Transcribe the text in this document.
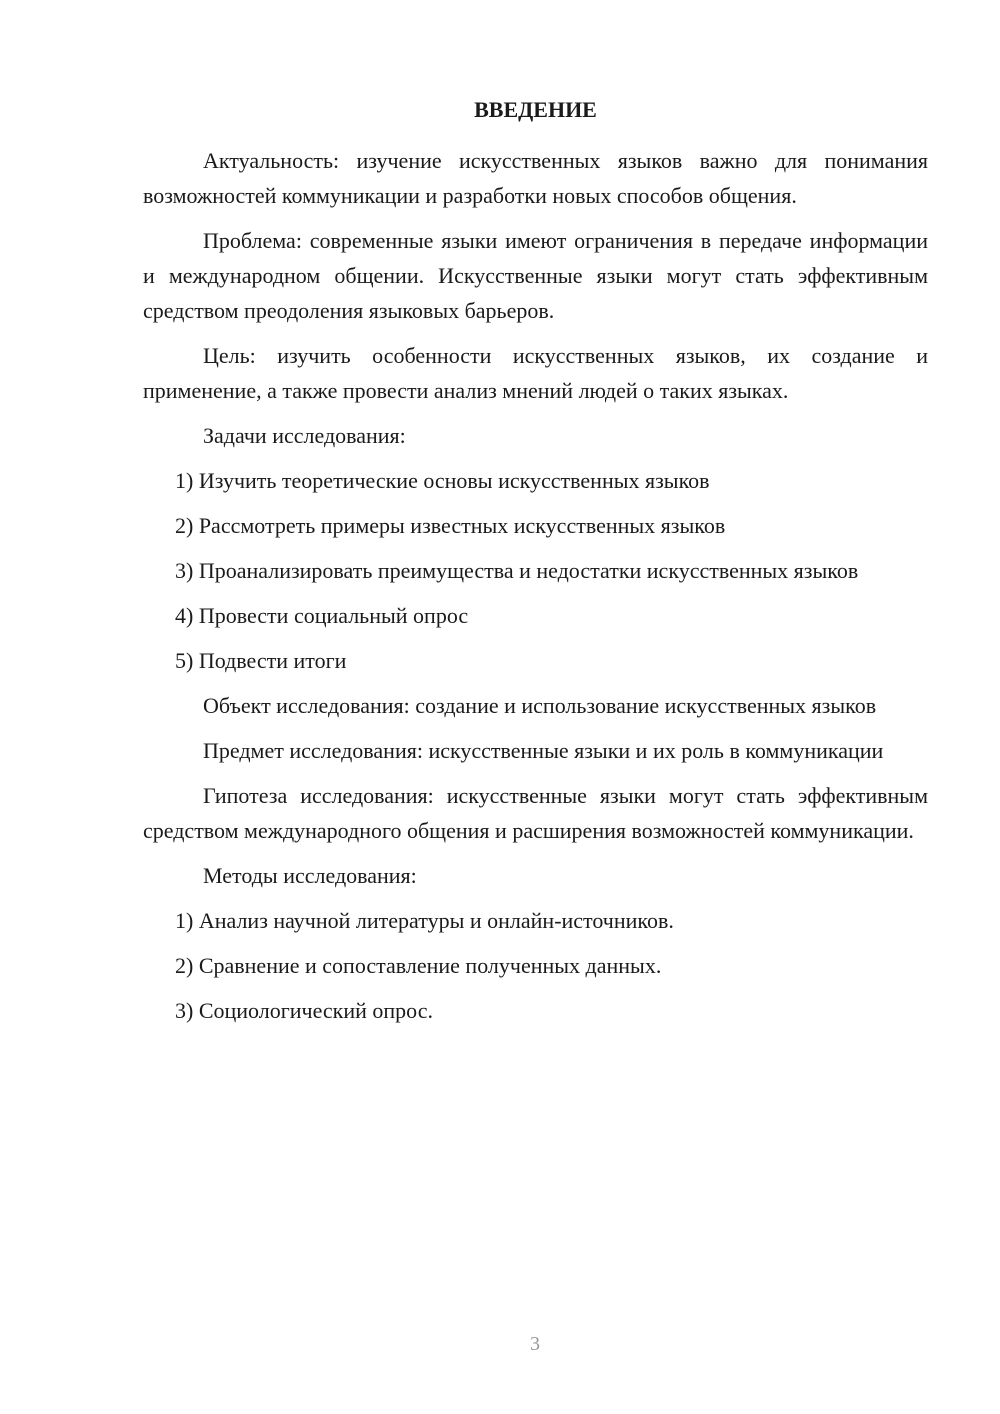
ВВЕДЕНИЕ

Актуальность: изучение искусственных языков важно для понимания возможностей коммуникации и разработки новых способов общения.

Проблема: современные языки имеют ограничения в передаче информации и международном общении. Искусственные языки могут стать эффективным средством преодоления языковых барьеров.

Цель: изучить особенности искусственных языков, их создание и применение, а также провести анализ мнений людей о таких языках.

Задачи исследования:

1) Изучить теоретические основы искусственных языков

2) Рассмотреть примеры известных искусственных языков

3) Проанализировать преимущества и недостатки искусственных языков

4) Провести социальный опрос

5) Подвести итоги

Объект исследования: создание и использование искусственных языков

Предмет исследования: искусственные языки и их роль в коммуникации

Гипотеза исследования: искусственные языки могут стать эффективным средством международного общения и расширения возможностей коммуникации.

Методы исследования:

1) Анализ научной литературы и онлайн-источников.

2) Сравнение и сопоставление полученных данных.

3) Социологический опрос.

3
